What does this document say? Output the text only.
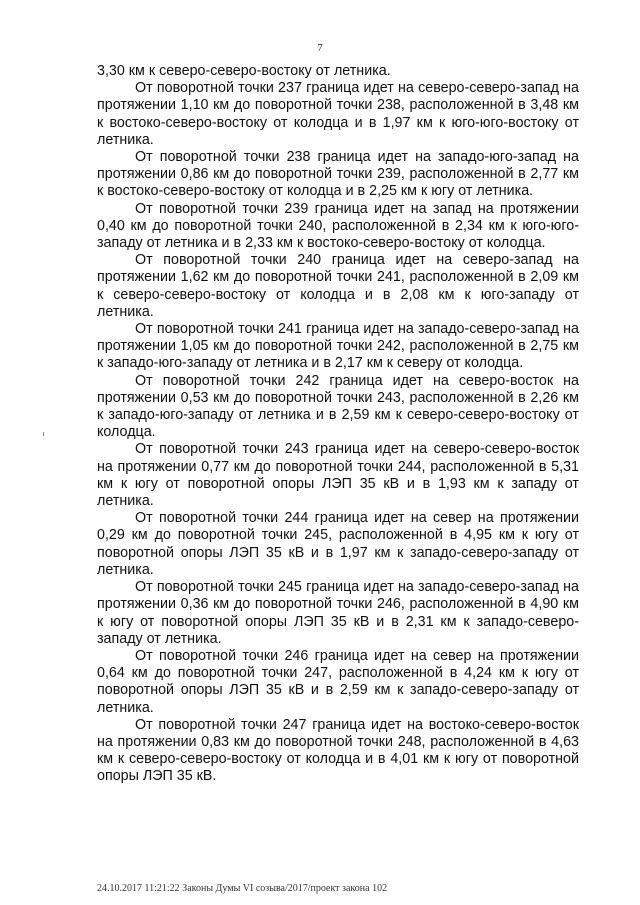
7

3,30 км к северо-северо-востоку от летника.

От поворотной точки 237 граница идет на северо-северо-запад на протяжении 1,10 км до поворотной точки 238, расположенной в 3,48 км к востоко-северо-востоку от колодца и в 1,97 км к юго-юго-востоку от летника.

От поворотной точки 238 граница идет на западо-юго-запад на протяжении 0,86 км до поворотной точки 239, расположенной в 2,77 км к востоко-северо-востоку от колодца и в 2,25 км к югу от летника.

От поворотной точки 239 граница идет на запад на протяжении 0,40 км до поворотной точки 240, расположенной в 2,34 км к юго-юго-западу от летника и в 2,33 км к востоко-северо-востоку от колодца.

От поворотной точки 240 граница идет на северо-запад на протяжении 1,62 км до поворотной точки 241, расположенной в 2,09 км к северо-северо-востоку от колодца и в 2,08 км к юго-западу от летника.

От поворотной точки 241 граница идет на западо-северо-запад на протяжении 1,05 км до поворотной точки 242, расположенной в 2,75 км к западо-юго-западу от летника и в 2,17 км к северу от колодца.

От поворотной точки 242 граница идет на северо-восток на протяжении 0,53 км до поворотной точки 243, расположенной в 2,26 км к западо-юго-западу от летника и в 2,59 км к северо-северо-востоку от колодца.

От поворотной точки 243 граница идет на северо-северо-восток на протяжении 0,77 км до поворотной точки 244, расположенной в 5,31 км к югу от поворотной опоры ЛЭП 35 кВ и в 1,93 км к западу от летника.

От поворотной точки 244 граница идет на север на протяжении 0,29 км до поворотной точки 245, расположенной в 4,95 км к югу от поворотной опоры ЛЭП 35 кВ и в 1,97 км к западо-северо-западу от летника.

От поворотной точки 245 граница идет на западо-северо-запад на протяжении 0,36 км до поворотной точки 246, расположенной в 4,90 км к югу от поворотной опоры ЛЭП 35 кВ и в 2,31 км к западо-северо-западу от летника.

От поворотной точки 246 граница идет на север на протяжении 0,64 км до поворотной точки 247, расположенной в 4,24 км к югу от поворотной опоры ЛЭП 35 кВ и в 2,59 км к западо-северо-западу от летника.

От поворотной точки 247 граница идет на востоко-северо-восток на протяжении 0,83 км до поворотной точки 248, расположенной в 4,63 км к северо-северо-востоку от колодца и в 4,01 км к югу от поворотной опоры ЛЭП 35 кВ.

24.10.2017 11:21:22 Законы Думы VI созыва/2017/проект закона 102
